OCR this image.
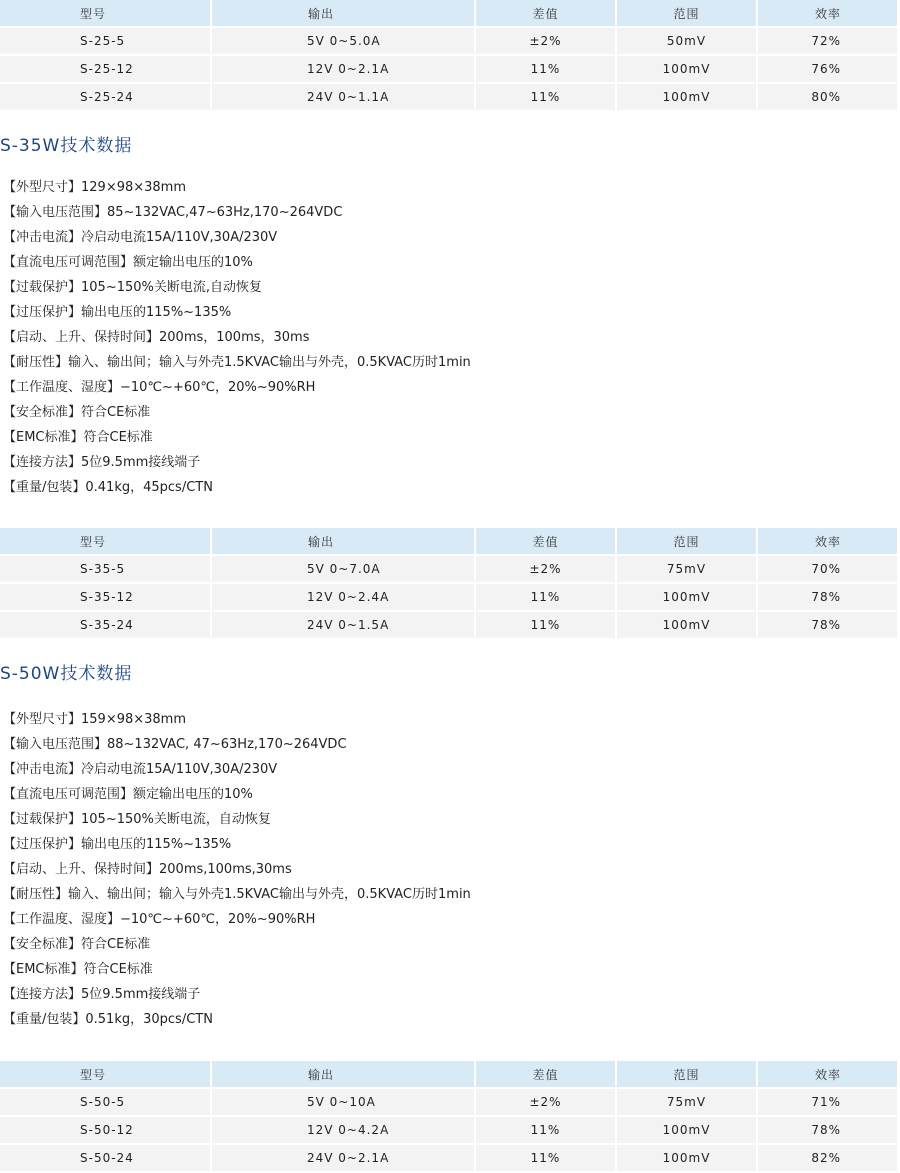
型号	输出	差值	范围	效率
S-25-5	5V 0~5.0A	±2%	50mV	72%
S-25-12	12V 0~2.1A	11%	100mV	76%
S-25-24	24V 0~1.1A	11%	100mV	80%
S-35W技术数据
【外型尺寸】129×98×38mm
【输入电压范围】85~132VAC,47~63Hz,170~264VDC
【冲击电流】冷启动电流15A/110V,30A/230V
【直流电压可调范围】额定输出电压的10%
【过载保护】105~150%关断电流,自动恢复
【过压保护】输出电压的115%~135%
【启动、上升、保持时间】200ms，100ms，30ms
【耐压性】输入、输出间；输入与外壳1.5KVAC输出与外壳，0.5KVAC历时1min
【工作温度、湿度】−10℃~+60℃，20%~90%RH
【安全标准】符合CE标准
【EMC标准】符合CE标准
【连接方法】5位9.5mm接线端子
【重量/包装】0.41kg，45pcs/CTN
型号	输出	差值	范围	效率
S-35-5	5V 0~7.0A	±2%	75mV	70%
S-35-12	12V 0~2.4A	11%	100mV	78%
S-35-24	24V 0~1.5A	11%	100mV	78%
S-50W技术数据
【外型尺寸】159×98×38mm
【输入电压范围】88~132VAC, 47~63Hz,170~264VDC
【冲击电流】冷启动电流15A/110V,30A/230V
【直流电压可调范围】额定输出电压的10%
【过载保护】105~150%关断电流，自动恢复
【过压保护】输出电压的115%~135%
【启动、上升、保持时间】200ms,100ms,30ms
【耐压性】输入、输出间；输入与外壳1.5KVAC输出与外壳，0.5KVAC历时1min
【工作温度、湿度】−10℃~+60℃，20%~90%RH
【安全标准】符合CE标准
【EMC标准】符合CE标准
【连接方法】5位9.5mm接线端子
【重量/包装】0.51kg，30pcs/CTN
型号	输出	差值	范围	效率
S-50-5	5V 0~10A	±2%	75mV	71%
S-50-12	12V 0~4.2A	11%	100mV	78%
S-50-24	24V 0~2.1A	11%	100mV	82%
